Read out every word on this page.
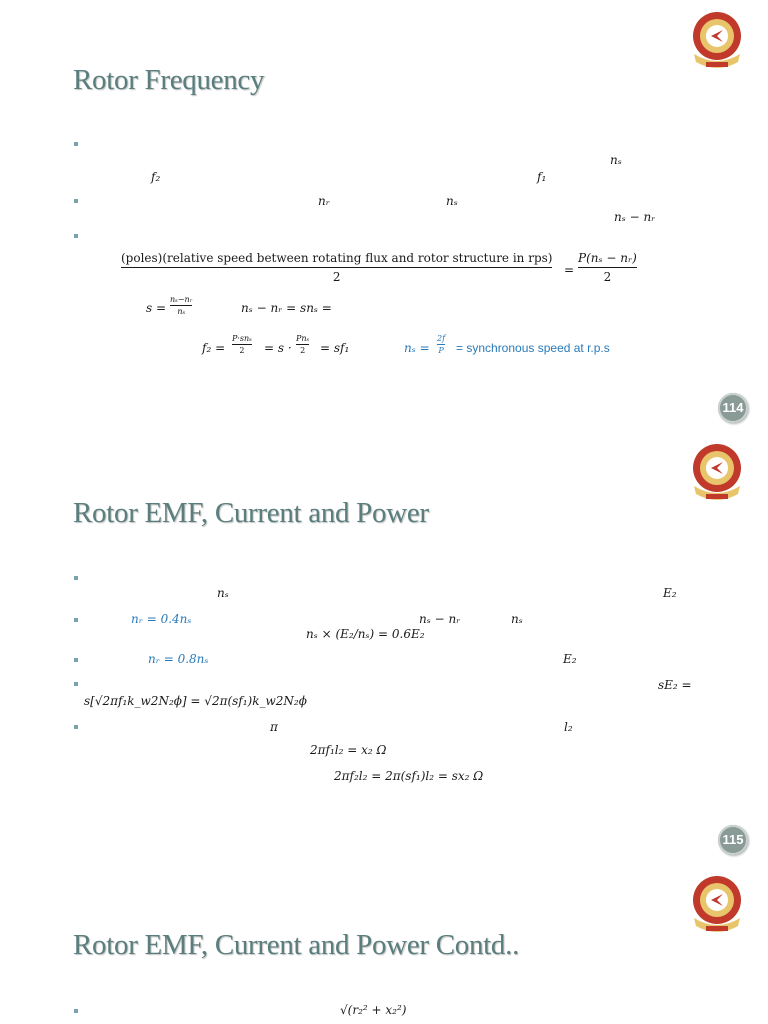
Rotor Frequency
nₛ
f₂	f₁
nᵣ	nₛ
nₛ − nᵣ
(poles)(relative speed between rotating flux and rotor structure in rps)
2	=
P(nₛ − nᵣ)
2
s =
nₛ−nᵣ
nₛ	nₛ − nᵣ = snₛ =
f₂ =
P·snₛ
2	= s ·
Pnₛ
2	= sf₁	nₛ =
2f
P = synchronous speed at r.p.s
114
Rotor EMF, Current and Power
nₛ	E₂
nᵣ = 0.4nₛ	nₛ − nᵣ	nₛ
nₛ × (E₂/nₛ) = 0.6E₂
nᵣ = 0.8nₛ	E₂
sE₂ =
s[√2πf₁k_w2N₂ϕ] = √2π(sf₁)k_w2N₂ϕ
π	l₂
2πf₁l₂ = x₂ Ω
2πf₂l₂ = 2π(sf₁)l₂ = sx₂ Ω
115
Rotor EMF, Current and Power Contd..
√(r₂² + x₂²)
